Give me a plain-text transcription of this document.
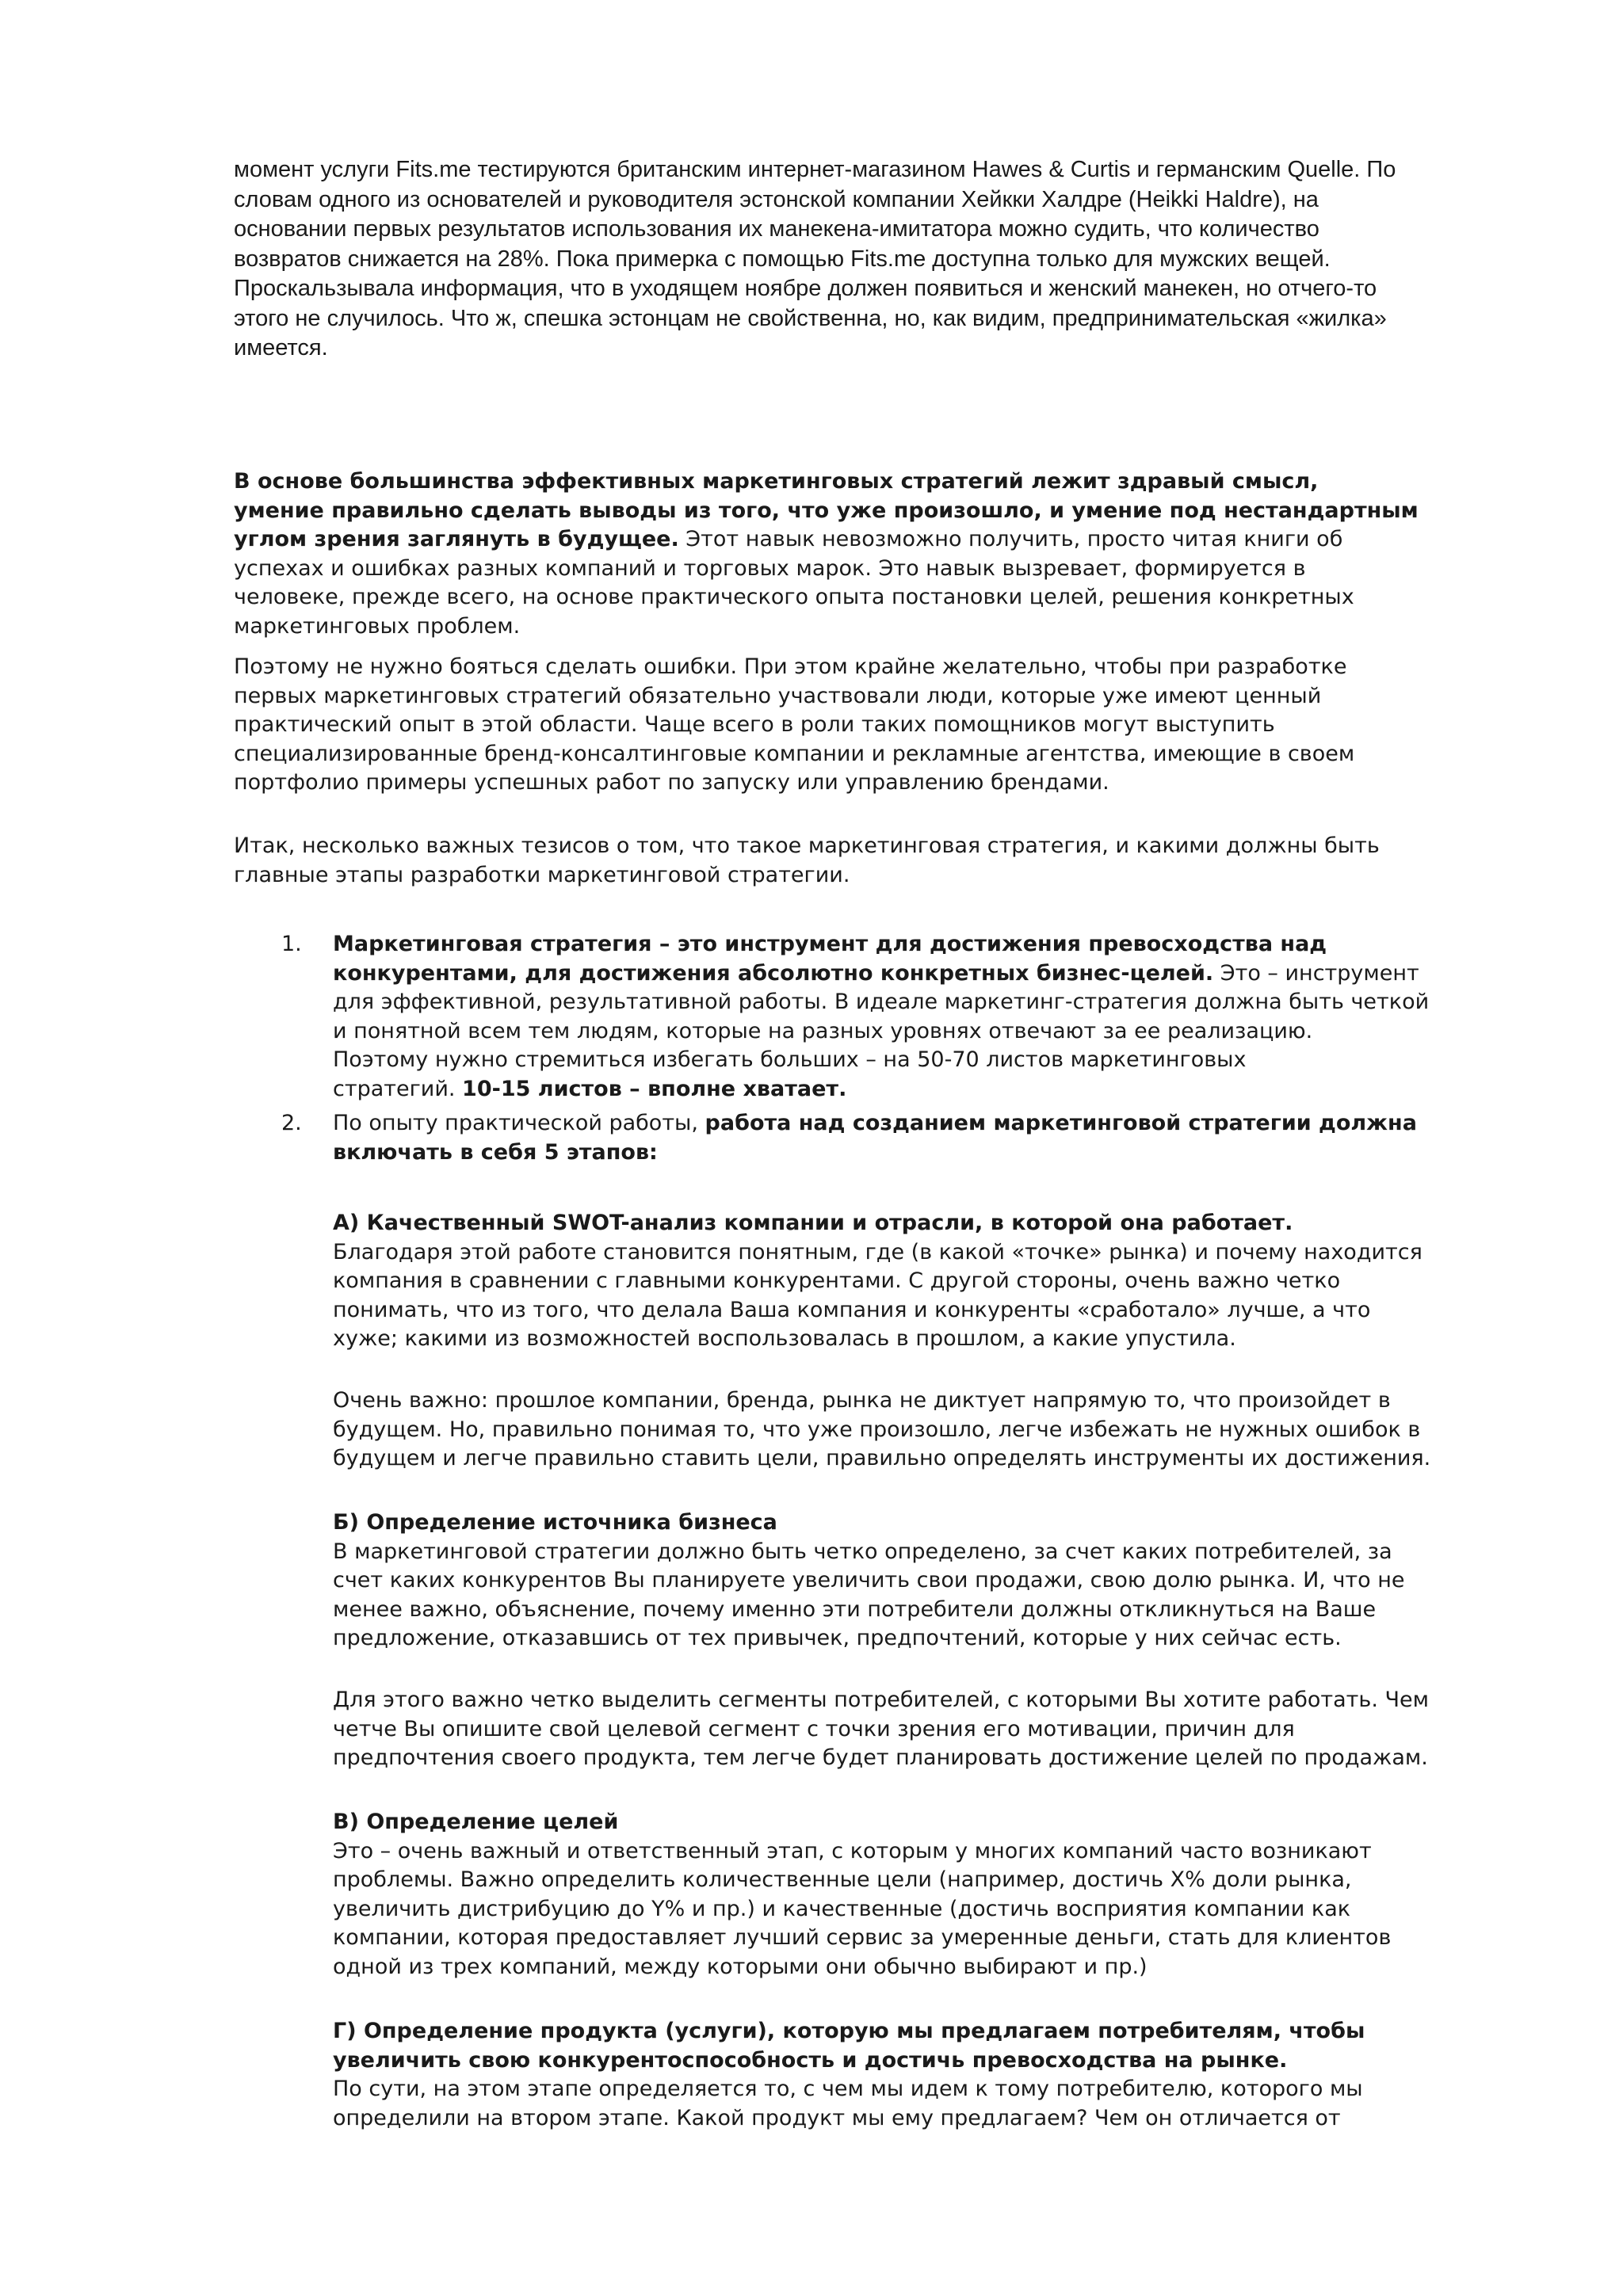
момент услуги Fits.me тестируются британским интернет-магазином Hawes & Curtis и германским Quelle. По
словам одного из основателей и руководителя эстонской компании Хейкки Халдре (Heikki Haldre), на
основании первых результатов использования их манекена-имитатора можно судить, что количество
возвратов снижается на 28%. Пока примерка с помощью Fits.me доступна только для мужских вещей.
Проскальзывала информация, что в уходящем ноябре должен появиться и женский манекен, но отчего-то
этого не случилось. Что ж, спешка эстонцам не свойственна, но, как видим, предпринимательская «жилка»
имеется.

В основе большинства эффективных маркетинговых стратегий лежит здравый смысл,
умение правильно сделать выводы из того, что уже произошло, и умение под нестандартным
углом зрения заглянуть в будущее. Этот навык невозможно получить, просто читая книги об
успехах и ошибках разных компаний и торговых марок. Это навык вызревает, формируется в
человеке, прежде всего, на основе практического опыта постановки целей, решения конкретных
маркетинговых проблем.

Поэтому не нужно бояться сделать ошибки. При этом крайне желательно, чтобы при разработке
первых маркетинговых стратегий обязательно участвовали люди, которые уже имеют ценный
практический опыт в этой области. Чаще всего в роли таких помощников могут выступить
специализированные бренд-консалтинговые компании и рекламные агентства, имеющие в своем
портфолио примеры успешных работ по запуску или управлению брендами.

Итак, несколько важных тезисов о том, что такое маркетинговая стратегия, и какими должны быть
главные этапы разработки маркетинговой стратегии.

1. Маркетинговая стратегия – это инструмент для достижения превосходства над
конкурентами, для достижения абсолютно конкретных бизнес-целей. Это – инструмент
для эффективной, результативной работы. В идеале маркетинг-стратегия должна быть четкой
и понятной всем тем людям, которые на разных уровнях отвечают за ее реализацию.
Поэтому нужно стремиться избегать больших – на 50-70 листов маркетинговых
стратегий. 10-15 листов – вполне хватает.

2. По опыту практической работы, работа над созданием маркетинговой стратегии должна
включать в себя 5 этапов:

А) Качественный SWOT-анализ компании и отрасли, в которой она работает.
Благодаря этой работе становится понятным, где (в какой «точке» рынка) и почему находится
компания в сравнении с главными конкурентами. С другой стороны, очень важно четко
понимать, что из того, что делала Ваша компания и конкуренты «сработало» лучше, а что
хуже; какими из возможностей воспользовалась в прошлом, а какие упустила.

Очень важно: прошлое компании, бренда, рынка не диктует напрямую то, что произойдет в
будущем. Но, правильно понимая то, что уже произошло, легче избежать не нужных ошибок в
будущем и легче правильно ставить цели, правильно определять инструменты их достижения.

Б) Определение источника бизнеса
В маркетинговой стратегии должно быть четко определено, за счет каких потребителей, за
счет каких конкурентов Вы планируете увеличить свои продажи, свою долю рынка. И, что не
менее важно, объяснение, почему именно эти потребители должны откликнуться на Ваше
предложение, отказавшись от тех привычек, предпочтений, которые у них сейчас есть.

Для этого важно четко выделить сегменты потребителей, с которыми Вы хотите работать. Чем
четче Вы опишите свой целевой сегмент с точки зрения его мотивации, причин для
предпочтения своего продукта, тем легче будет планировать достижение целей по продажам.

В) Определение целей
Это – очень важный и ответственный этап, с которым у многих компаний часто возникают
проблемы. Важно определить количественные цели (например, достичь X% доли рынка,
увеличить дистрибуцию до Y% и пр.) и качественные (достичь восприятия компании как
компании, которая предоставляет лучший сервис за умеренные деньги, стать для клиентов
одной из трех компаний, между которыми они обычно выбирают и пр.)

Г) Определение продукта (услуги), которую мы предлагаем потребителям, чтобы
увеличить свою конкурентоспособность и достичь превосходства на рынке.
По сути, на этом этапе определяется то, с чем мы идем к тому потребителю, которого мы
определили на втором этапе. Какой продукт мы ему предлагаем? Чем он отличается от
